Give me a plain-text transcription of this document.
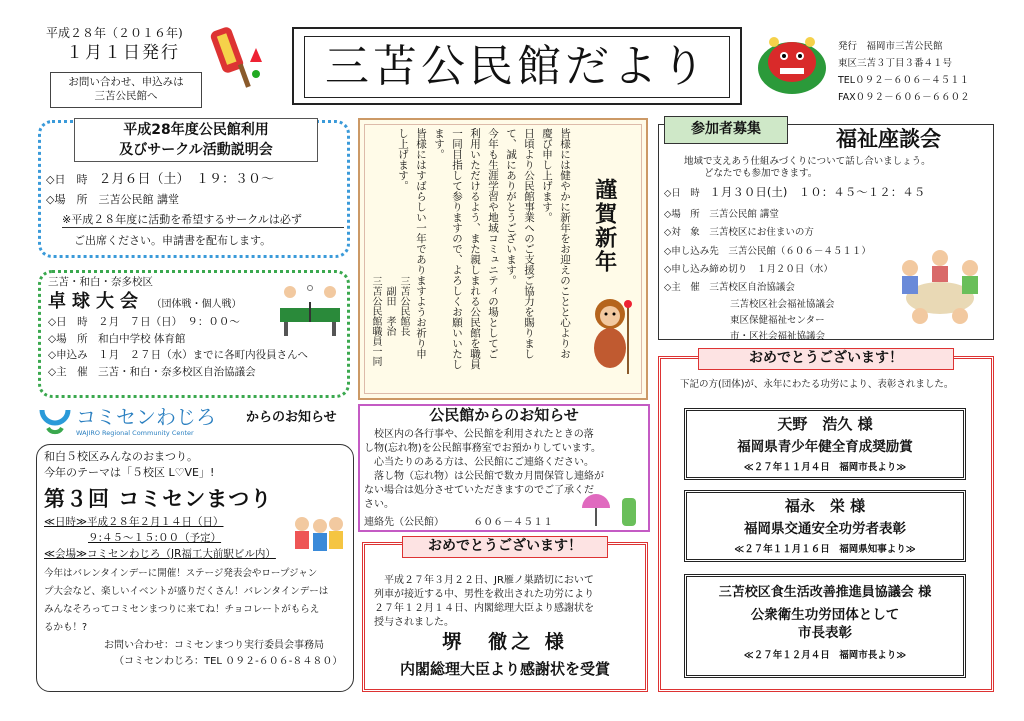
平成２８年（２０１６年)
１月１日発行
お問い合わせ、申込みは
三苫公民館へ
三苫公民館だより	発行　福岡市三苫公民館
東区三苫３丁目３番４１号
TEL０９２－６０６－４５１１
FAX０９２－６０６－６６０２
平成28年度公民館利用
及びサークル活動説明会
◇日　時　 ２月６日（土）　１９：３０～
◇場　所　 三苫公民館 講堂
※平成２８年度に活動を希望するサークルは必ず
ご出席ください。申請書を配布します。
三苫・和白・奈多校区
卓球大会 （団体戦・個人戦）
◇日　時　 ２月　７日（日）　９：００～
◇場　所　 和白中学校 体育館
◇申込み　 １月　２７日（水）までに各町内役員さんへ
◇主　催　 三苫・和白・奈多校区自治協議会
コミセンわじろ
WAJIRO Regional Community Center
からのお知らせ
和白５校区みんなのおまつり。
今年のテーマは「５校区 L♡VE」!
第３回 コミセンまつり
≪日時≫平成２８年２月１４日（日）
９:４５～１５:００（予定）
≪会場≫コミセンわじろ（JR福工大前駅ビル内）
今年はバレンタインデーに開催！ステージ発表会やロープジャン
プ大会など、楽しいイベントが盛りだくさん！バレンタインデーは
みんなそろってコミセンまつりに来てね！チョコレートがもらえ
るかも！?
お問い合わせ：コミセンまつり実行委員会事務局
（コミセンわじろ：TEL ０９２-６０６-８４８０）
皆様には健やかに新年をお迎えのことと心よりお
慶び申し上げます。
日頃より公民館事業へのご支援ご協力を賜りまし
て、誠にありがとうございます。
今年も生涯学習や地域コミュニティの場としてご
利用いただけるよう、また親しまれる公民館を職員
一同目指して参りますので、よろしくお願いいたし
ます。
皆様にはすばらしい一年でありますようお祈り申
し上げます。
三苫公民館長
副田　孝治
三苫公民館職員一同
謹賀新年
公民館からのお知らせ
校区内の各行事や、公民館を利用されたときの落
し物(忘れ物)を公民館事務室でお預かりしています。
心当たりのある方は、公民館にご連絡ください。
落し物（忘れ物）は公民館で数カ月間保管し連絡が
ない場合は処分させていただきますのでご了承くだ
さい。
連絡先（公民館）	６０６－４５１１
おめでとうございます！
平成２７年３月２２日、JR雁ノ巣踏切において
列車が接近する中、男性を救出された功労により
２７年１２月１４日、内閣総理大臣より感謝状を
授与されました。
堺　徹之 様
内閣総理大臣より感謝状を受賞
参加者募集	福祉座談会
地域で支えあう仕組みづくりについて話し合いましょう。
どなたでも参加できます。
◇日　時　 １月３０日(土)　１０：４５～１２：４５
◇場　所　 三苫公民館 講堂
◇対　象　 三苫校区にお住まいの方
◇申し込み先　 三苫公民館（６０６－４５１１）
◇申し込み締め切り　 １月２０日（水）
◇主　催　 三苫校区自治協議会
三苫校区社会福祉協議会
東区保健福祉センター
市・区社会福祉協議会
おめでとうございます！
下記の方(団体)が、永年にわたる功労により、表彰されました。
天野　浩久 様
福岡県青少年健全育成奨励賞
≪２７年１１月４日　福岡市長より≫
福永　栄 様
福岡県交通安全功労者表彰
≪２７年１１月１６日　福岡県知事より≫
三苫校区食生活改善推進員協議会 様
公衆衛生功労団体として
市長表彰
≪２７年１２月４日　福岡市長より≫
